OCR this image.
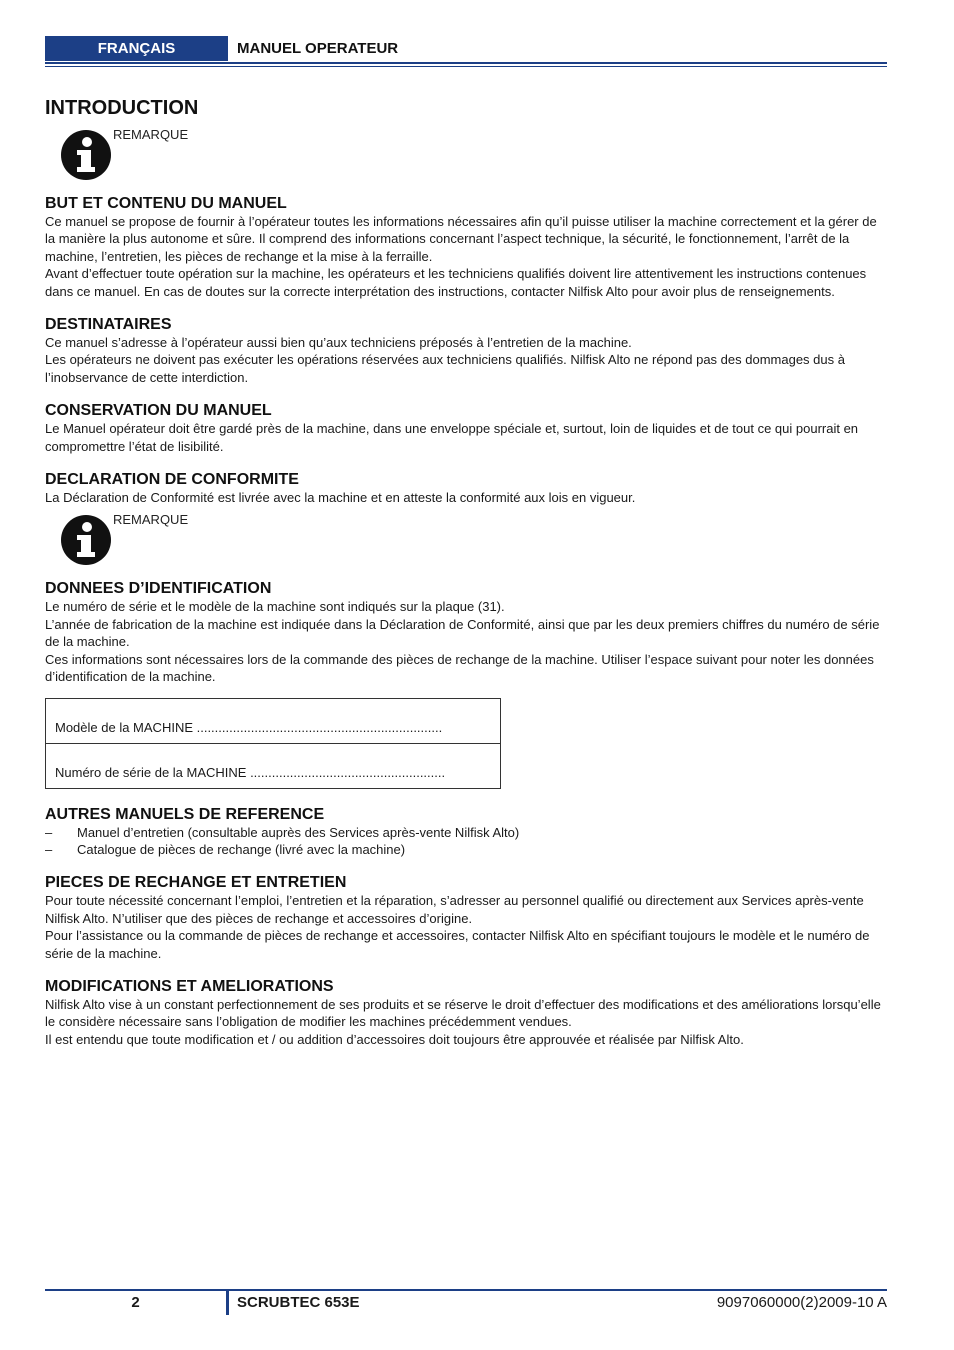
FRANÇAIS	MANUEL OPERATEUR
INTRODUCTION
REMARQUE
BUT ET CONTENU DU MANUEL

Ce manuel se propose de fournir à l’opérateur toutes les informations nécessaires afin qu’il puisse utiliser la machine correctement et la gérer de la manière la plus autonome et sûre. Il comprend des informations concernant l’aspect technique, la sécurité, le fonctionnement, l’arrêt de la machine, l’entretien, les pièces de rechange et la mise à la ferraille.

Avant d’effectuer toute opération sur la machine, les opérateurs et les techniciens qualifiés doivent lire attentivement les instructions contenues dans ce manuel. En cas de doutes sur la correcte interprétation des instructions, contacter Nilfisk Alto pour avoir plus de renseignements.

DESTINATAIRES

Ce manuel s’adresse à l’opérateur aussi bien qu’aux techniciens préposés à l’entretien de la machine.

Les opérateurs ne doivent pas exécuter les opérations réservées aux techniciens qualifiés. Nilfisk Alto ne répond pas des dommages dus à l’inobservance de cette interdiction.

CONSERVATION DU MANUEL

Le Manuel opérateur doit être gardé près de la machine, dans une enveloppe spéciale et, surtout, loin de liquides et de tout ce qui pourrait en compromettre l’état de lisibilité.

DECLARATION DE CONFORMITE

La Déclaration de Conformité est livrée avec la machine et en atteste la conformité aux lois en vigueur.

REMARQUE
DONNEES D’IDENTIFICATION

Le numéro de série et le modèle de la machine sont indiqués sur la plaque (31).

L’année de fabrication de la machine est indiquée dans la Déclaration de Conformité, ainsi que par les deux premiers chiffres du numéro de série de la machine.

Ces informations sont nécessaires lors de la commande des pièces de rechange de la machine. Utiliser l’espace suivant pour noter les données d’identification de la machine.

Modèle de la MACHINE ....................................................................
Numéro de série de la MACHINE ......................................................
AUTRES MANUELS DE REFERENCE
– Manuel d’entretien (consultable auprès des Services après-vente Nilfisk Alto)
– Catalogue de pièces de rechange (livré avec la machine)
PIECES DE RECHANGE ET ENTRETIEN

Pour toute nécessité concernant l’emploi, l’entretien et la réparation, s’adresser au personnel qualifié ou directement aux Services après-vente Nilfisk Alto. N’utiliser que des pièces de rechange et accessoires d’origine.

Pour l’assistance ou la commande de pièces de rechange et accessoires, contacter Nilfisk Alto en spécifiant toujours le modèle et le numéro de série de la machine.

MODIFICATIONS ET AMELIORATIONS

Nilfisk Alto vise à un constant perfectionnement de ses produits et se réserve le droit d’effectuer des modifications et des améliorations lorsqu’elle le considère nécessaire sans l’obligation de modifier les machines précédemment vendues.

Il est entendu que toute modification et / ou addition d’accessoires doit toujours être approuvée et réalisée par Nilfisk Alto.

2	SCRUBTEC 653E	9097060000(2)2009-10 A
